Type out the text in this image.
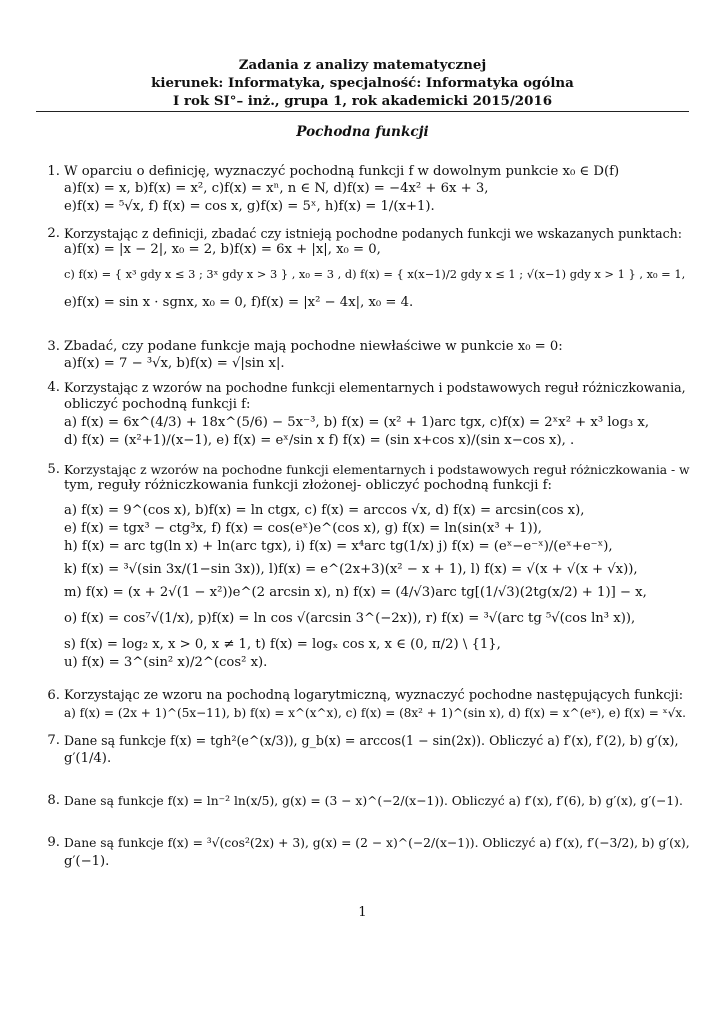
Zadania z analizy matematycznej
kierunek: Informatyka, specjalność: Informatyka ogólna
I rok SI°– inż., grupa 1, rok akademicki 2015/2016
Pochodna funkcji
1. W oparciu o definicję, wyznaczyć pochodną funkcji f w dowolnym punkcie x₀ ∈ D(f)
a)f(x) = x, b)f(x) = x², c)f(x) = xⁿ, n ∈ N, d)f(x) = −4x² + 6x + 3,
e)f(x) = ⁵√x, f) f(x) = cos x, g)f(x) = 5ˣ, h)f(x) = 1/(x+1).
2. Korzystając z definicji, zbadać czy istnieją pochodne podanych funkcji we wskazanych punktach:
a)f(x) = |x − 2|, x₀ = 2, b)f(x) = 6x + |x|, x₀ = 0,
c) f(x) = { x³ gdy x ≤ 3 ; 3ˣ gdy x > 3 } , x₀ = 3 , d) f(x) = { x(x−1)/2 gdy x ≤ 1 ; √(x−1) gdy x > 1 } , x₀ = 1,
e)f(x) = sin x · sgnx, x₀ = 0, f)f(x) = |x² − 4x|, x₀ = 4.
3. Zbadać, czy podane funkcje mają pochodne niewłaściwe w punkcie x₀ = 0:
a)f(x) = 7 − ³√x, b)f(x) = √|sin x|.
4. Korzystając z wzorów na pochodne funkcji elementarnych i podstawowych reguł różniczkowania,
obliczyć pochodną funkcji f:
a) f(x) = 6x^(4/3) + 18x^(5/6) − 5x⁻³, b) f(x) = (x² + 1)arc tgx, c)f(x) = 2ˣx² + x³ log₃ x,
d) f(x) = (x²+1)/(x−1), e) f(x) = eˣ/sin x f) f(x) = (sin x+cos x)/(sin x−cos x), .
5. Korzystając z wzorów na pochodne funkcji elementarnych i podstawowych reguł różniczkowania - w
tym, reguły różniczkowania funkcji złożonej- obliczyć pochodną funkcji f:
a) f(x) = 9^(cos x), b)f(x) = ln ctgx, c) f(x) = arccos √x, d) f(x) = arcsin(cos x),
e) f(x) = tgx³ − ctg³x, f) f(x) = cos(eˣ)e^(cos x), g) f(x) = ln(sin(x³ + 1)),
h) f(x) = arc tg(ln x) + ln(arc tgx), i) f(x) = x⁴arc tg(1/x) j) f(x) = (eˣ−e⁻ˣ)/(eˣ+e⁻ˣ),
k) f(x) = ³√(sin 3x/(1−sin 3x)), l)f(x) = e^(2x+3)(x² − x + 1), l) f(x) = √(x + √(x + √x)),
m) f(x) = (x + 2√(1 − x²))e^(2 arcsin x), n) f(x) = (4/√3)arc tg[(1/√3)(2tg(x/2) + 1)] − x,
o) f(x) = cos⁷√(1/x), p)f(x) = ln cos √(arcsin 3^(−2x)), r) f(x) = ³√(arc tg ⁵√(cos ln³ x)),
s) f(x) = log₂ x, x > 0, x ≠ 1, t) f(x) = logₓ cos x, x ∈ (0, π/2) \ {1},
u) f(x) = 3^(sin² x)/2^(cos² x).
6. Korzystając ze wzoru na pochodną logarytmiczną, wyznaczyć pochodne następujących funkcji:
a) f(x) = (2x + 1)^(5x−11), b) f(x) = x^(x^x), c) f(x) = (8x² + 1)^(sin x), d) f(x) = x^(eˣ), e) f(x) = ˣ√x.
7. Dane są funkcje f(x) = tgh²(e^(x/3)), g_b(x) = arccos(1 − sin(2x)). Obliczyć a) f′(x), f′(2), b) g′(x),
g′(1/4).
8. Dane są funkcje f(x) = ln⁻² ln(x/5), g(x) = (3 − x)^(−2/(x−1)). Obliczyć a) f′(x), f′(6), b) g′(x), g′(−1).
9. Dane są funkcje f(x) = ³√(cos²(2x) + 3), g(x) = (2 − x)^(−2/(x−1)). Obliczyć a) f′(x), f′(−3/2), b) g′(x),
g′(−1).
1
